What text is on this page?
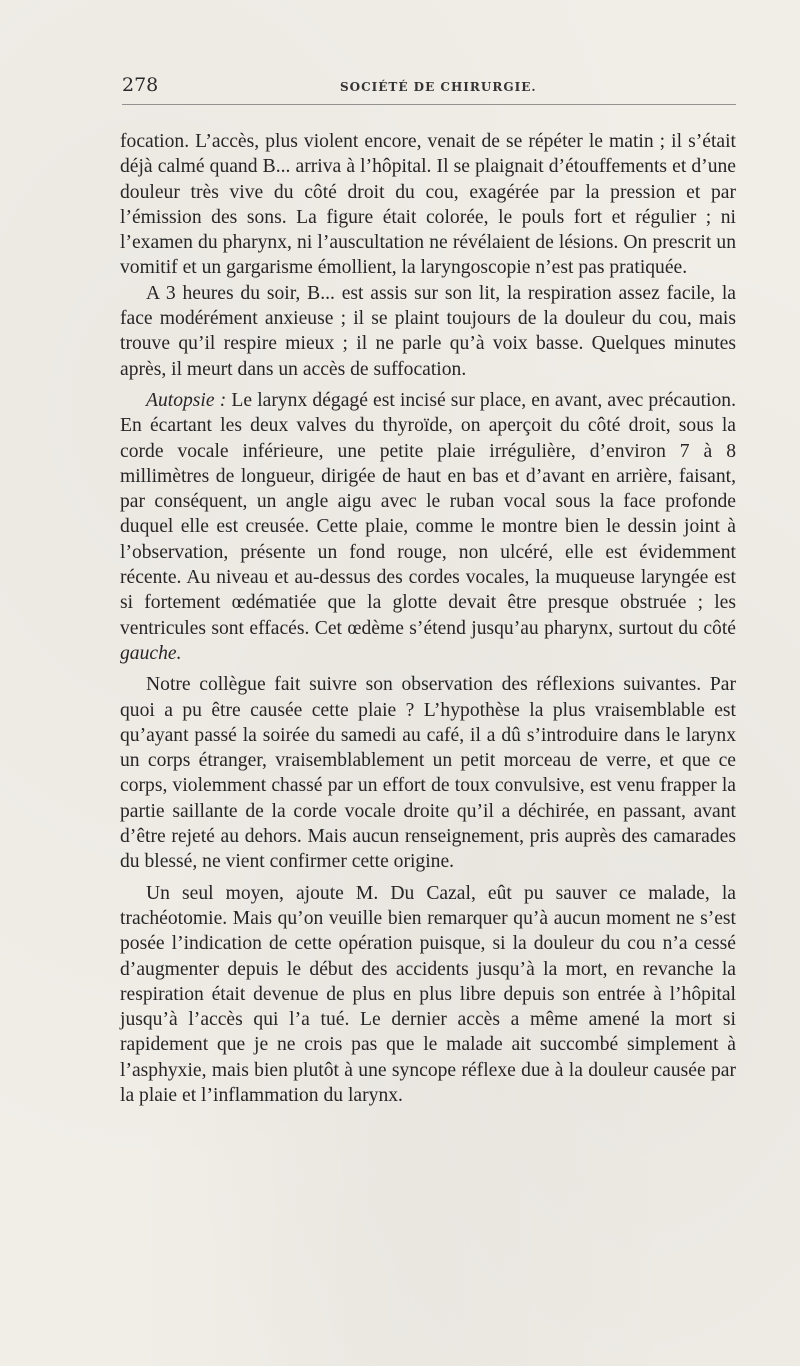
278	SOCIÉTÉ DE CHIRURGIE.

focation. L’accès, plus violent encore, venait de se répéter le matin ; il s’était déjà calmé quand B... arriva à l’hôpital. Il se plaignait d’étouffements et d’une douleur très vive du côté droit du cou, exagérée par la pression et par l’émission des sons. La figure était colorée, le pouls fort et régulier ; ni l’examen du pharynx, ni l’auscultation ne révélaient de lésions. On prescrit un vomitif et un gargarisme émollient, la laryngoscopie n’est pas pratiquée.

A 3 heures du soir, B... est assis sur son lit, la respiration assez facile, la face modérément anxieuse ; il se plaint toujours de la douleur du cou, mais trouve qu’il respire mieux ; il ne parle qu’à voix basse. Quelques minutes après, il meurt dans un accès de suffocation.

Autopsie : Le larynx dégagé est incisé sur place, en avant, avec précaution. En écartant les deux valves du thyroïde, on aperçoit du côté droit, sous la corde vocale inférieure, une petite plaie irrégulière, d’environ 7 à 8 millimètres de longueur, dirigée de haut en bas et d’avant en arrière, faisant, par conséquent, un angle aigu avec le ruban vocal sous la face profonde duquel elle est creusée. Cette plaie, comme le montre bien le dessin joint à l’observation, présente un fond rouge, non ulcéré, elle est évidemment récente. Au niveau et au-dessus des cordes vocales, la muqueuse laryngée est si fortement œdématiée que la glotte devait être presque obstruée ; les ventricules sont effacés. Cet œdème s’étend jusqu’au pharynx, surtout du côté gauche.

Notre collègue fait suivre son observation des réflexions suivantes. Par quoi a pu être causée cette plaie ? L’hypothèse la plus vraisemblable est qu’ayant passé la soirée du samedi au café, il a dû s’introduire dans le larynx un corps étranger, vraisemblablement un petit morceau de verre, et que ce corps, violemment chassé par un effort de toux convulsive, est venu frapper la partie saillante de la corde vocale droite qu’il a déchirée, en passant, avant d’être rejeté au dehors. Mais aucun renseignement, pris auprès des camarades du blessé, ne vient confirmer cette origine.

Un seul moyen, ajoute M. Du Cazal, eût pu sauver ce malade, la trachéotomie. Mais qu’on veuille bien remarquer qu’à aucun moment ne s’est posée l’indication de cette opération puisque, si la douleur du cou n’a cessé d’augmenter depuis le début des accidents jusqu’à la mort, en revanche la respiration était devenue de plus en plus libre depuis son entrée à l’hôpital jusqu’à l’accès qui l’a tué. Le dernier accès a même amené la mort si rapidement que je ne crois pas que le malade ait succombé simplement à l’asphyxie, mais bien plutôt à une syncope réflexe due à la douleur causée par la plaie et l’inflammation du larynx.
